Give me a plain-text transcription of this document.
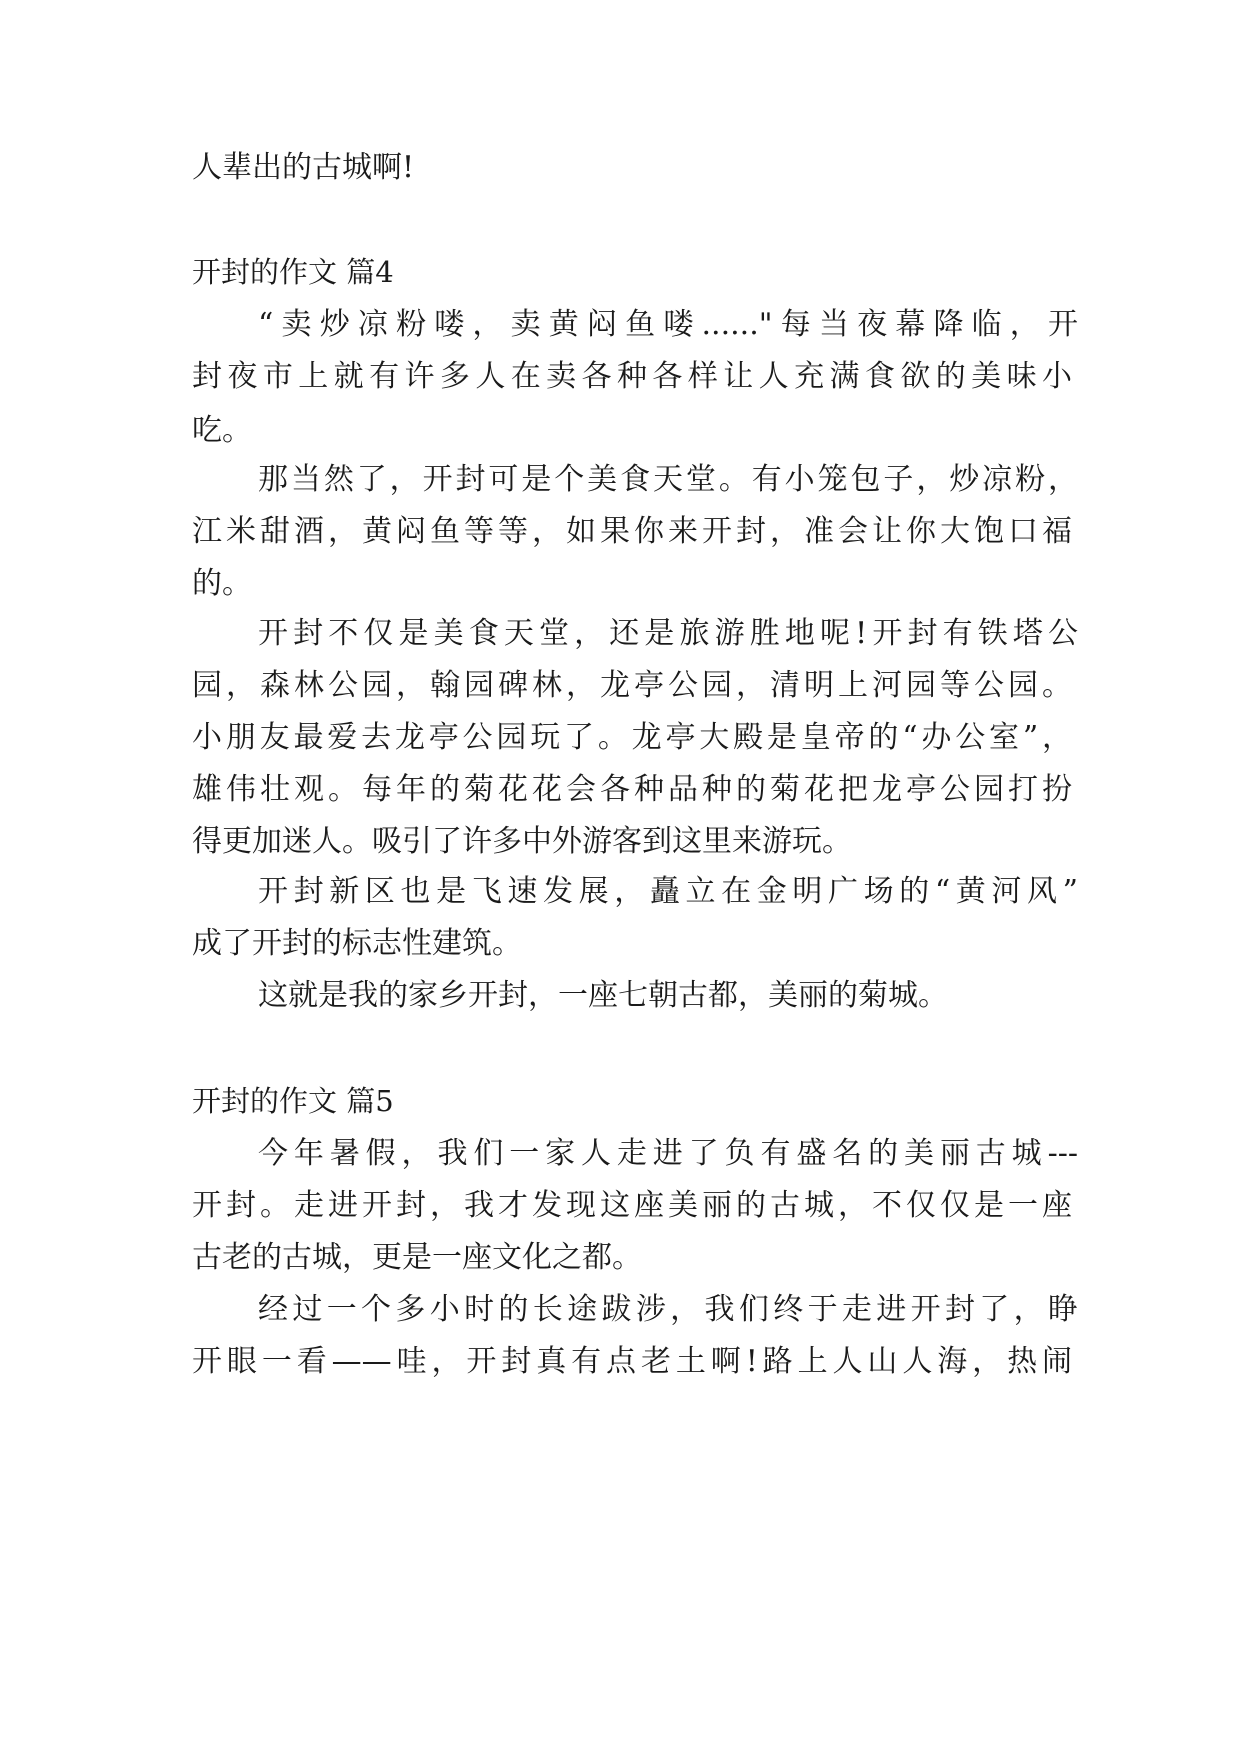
人辈出的古城啊!
开封的作文 篇4
“卖炒凉粉喽，卖黄闷鱼喽......"每当夜幕降临，开
封夜市上就有许多人在卖各种各样让人充满食欲的美味小
吃。
那当然了，开封可是个美食天堂。有小笼包子，炒凉粉，
江米甜酒，黄闷鱼等等，如果你来开封，准会让你大饱口福
的。
开封不仅是美食天堂，还是旅游胜地呢!开封有铁塔公
园，森林公园，翰园碑林，龙亭公园，清明上河园等公园。
小朋友最爱去龙亭公园玩了。龙亭大殿是皇帝的“办公室”，
雄伟壮观。每年的菊花花会各种品种的菊花把龙亭公园打扮
得更加迷人。吸引了许多中外游客到这里来游玩。
开封新区也是飞速发展，矗立在金明广场的“黄河风”
成了开封的标志性建筑。
这就是我的家乡开封，一座七朝古都，美丽的菊城。
开封的作文 篇5
今年暑假，我们一家人走进了负有盛名的美丽古城---
开封。走进开封，我才发现这座美丽的古城，不仅仅是一座
古老的古城，更是一座文化之都。
经过一个多小时的长途跋涉，我们终于走进开封了，睁
开眼一看——哇，开封真有点老土啊!路上人山人海，热闹
